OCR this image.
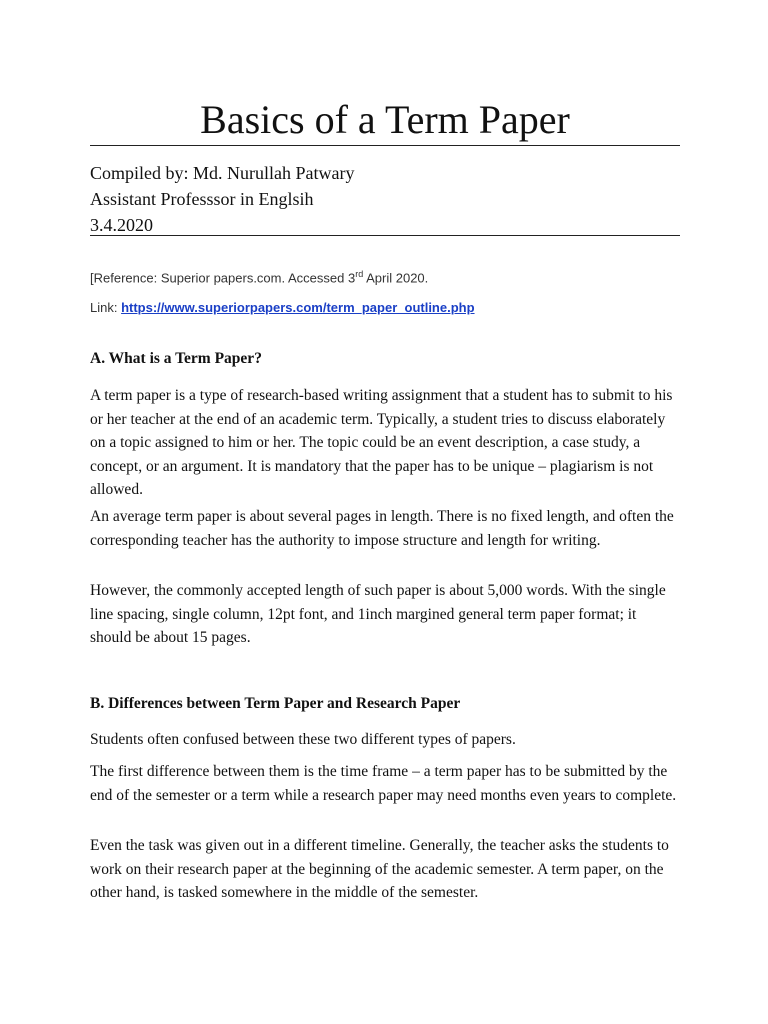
Basics of a Term Paper
Compiled by: Md. Nurullah Patwary
Assistant Professsor in Englsih
3.4.2020
[Reference: Superior papers.com. Accessed 3rd April 2020.
Link: https://www.superiorpapers.com/term_paper_outline.php
A. What is a Term Paper?

A term paper is a type of research-based writing assignment that a student has to submit to his or her teacher at the end of an academic term. Typically, a student tries to discuss elaborately on a topic assigned to him or her. The topic could be an event description, a case study, a concept, or an argument. It is mandatory that the paper has to be unique – plagiarism is not allowed.

An average term paper is about several pages in length. There is no fixed length, and often the corresponding teacher has the authority to impose structure and length for writing.

However, the commonly accepted length of such paper is about 5,000 words. With the single line spacing, single column, 12pt font, and 1inch margined general term paper format; it should be about 15 pages.

B. Differences between Term Paper and Research Paper

Students often confused between these two different types of papers.

The first difference between them is the time frame – a term paper has to be submitted by the end of the semester or a term while a research paper may need months even years to complete.

Even the task was given out in a different timeline. Generally, the teacher asks the students to work on their research paper at the beginning of the academic semester. A term paper, on the other hand, is tasked somewhere in the middle of the semester.
